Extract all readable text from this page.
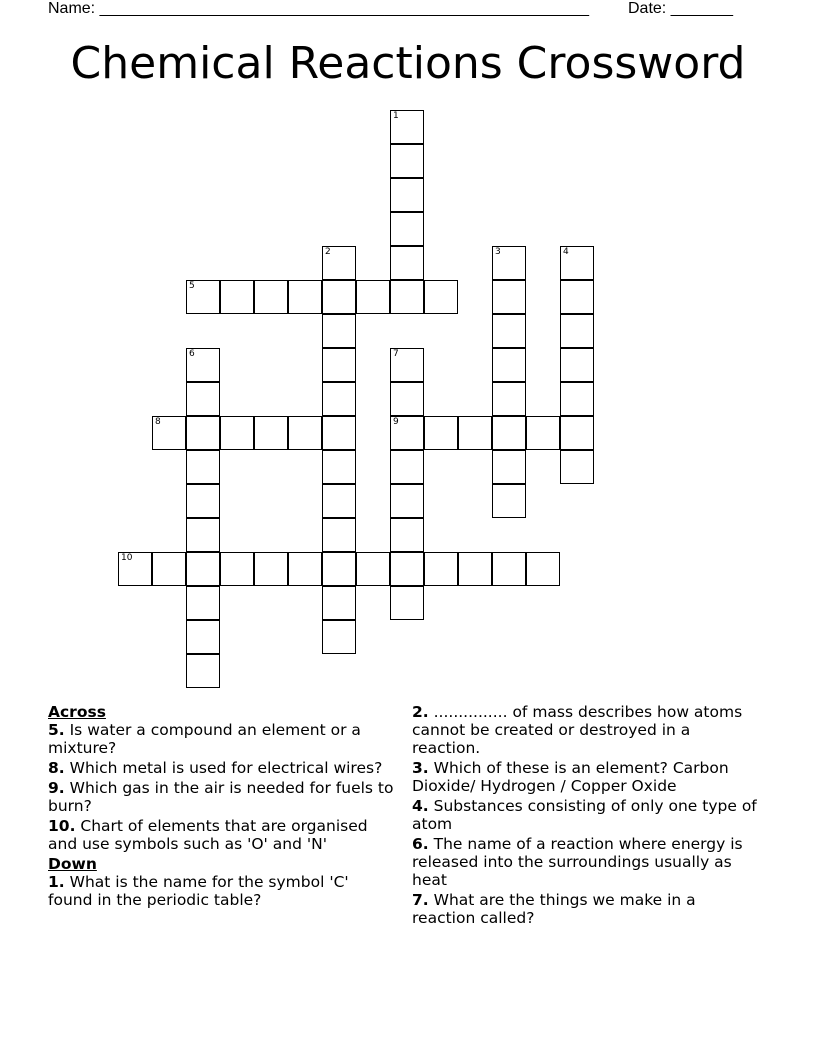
Name: _______________________________________________________ Date: _______
Chemical Reactions Crossword
1
2	3	4
5
6	7
9
8
10

Across

5. Is water a compound an element or a mixture?

8. Which metal is used for electrical wires?

9. Which gas in the air is needed for fuels to burn?

10. Chart of elements that are organised and use symbols such as 'O' and 'N'

Down

1. What is the name for the symbol 'C' found in the periodic table?

2. ............... of mass describes how atoms cannot be created or destroyed in a reaction.

3. Which of these is an element? Carbon Dioxide/ Hydrogen / Copper Oxide

4. Substances consisting of only one type of atom

6. The name of a reaction where energy is released into the surroundings usually as heat

7. What are the things we make in a reaction called?
